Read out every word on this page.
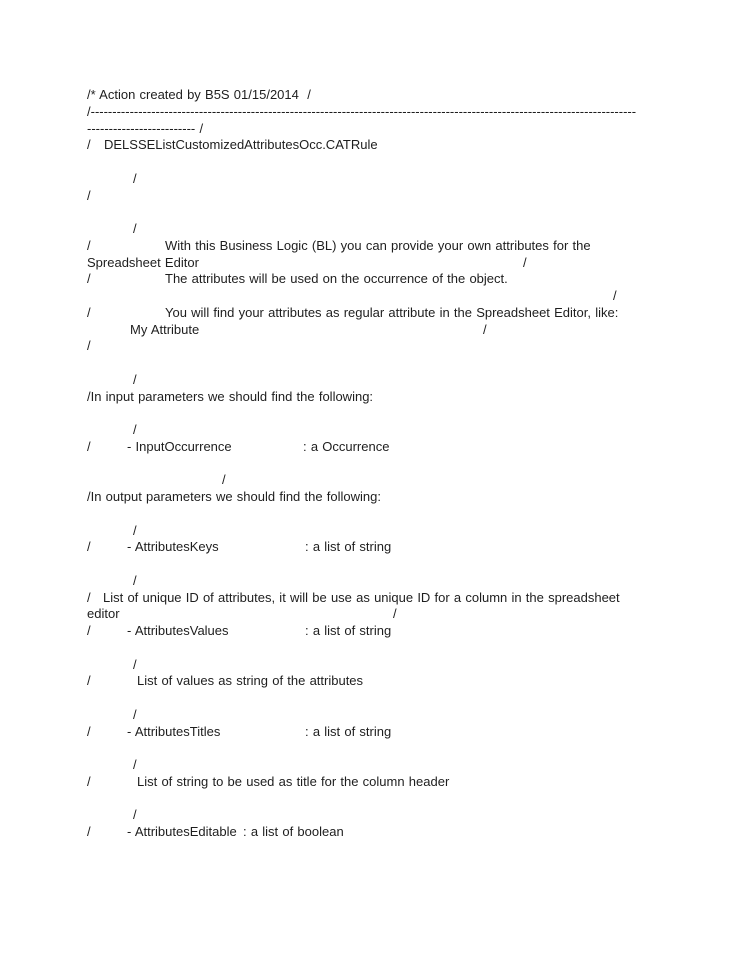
/* Action created by B5S 01/15/2014  /
/------------------------------------------------------------------------------------------------------------------------------
------------------------- /
/ DELSSEListCustomizedAttributesOcc.CATRule
/
/
/
/	With this Business Logic (BL) you can provide your own attributes for the
Spreadsheet Editor	/
/	The attributes will be used on the occurrence of the object.
/
/	You will find your attributes as regular attribute in the Spreadsheet Editor, like:
My Attribute	/
/
/
/In input parameters we should find the following:
/
/	- InputOccurrence	: a Occurrence
/
/In output parameters we should find the following:
/
/	- AttributesKeys	: a list of string
/
/ List of unique ID of attributes, it will be use as unique ID for a column in the spreadsheet
editor	/
/	- AttributesValues	: a list of string
/
/	List of values as string of the attributes
/
/	- AttributesTitles	: a list of string
/
/	List of string to be used as title for the column header
/
/	- AttributesEditable : a list of boolean
